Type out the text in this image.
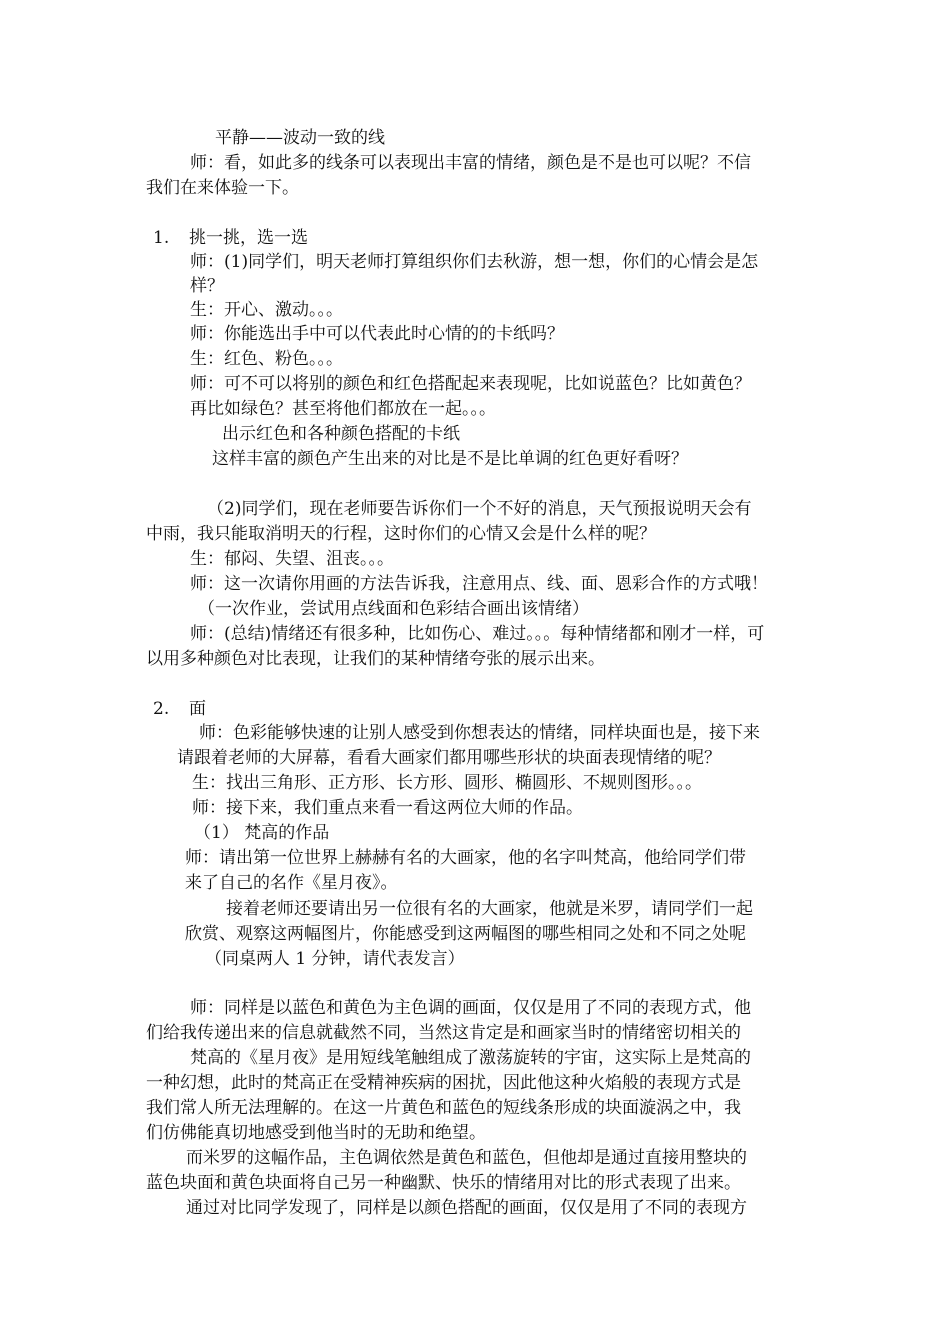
平静——波动一致的线

师：看，如此多的线条可以表现出丰富的情绪，颜色是不是也可以呢？不信

我们在来体验一下。

1. 挑一挑，选一选

师：(1)同学们，明天老师打算组织你们去秋游，想一想，你们的心情会是怎

样？

生：开心、激动。。。

师：你能选出手中可以代表此时心情的的卡纸吗？

生：红色、粉色。。。

师：可不可以将别的颜色和红色搭配起来表现呢，比如说蓝色？比如黄色？

再比如绿色？甚至将他们都放在一起。。。

出示红色和各种颜色搭配的卡纸

这样丰富的颜色产生出来的对比是不是比单调的红色更好看呀？

（2)同学们，现在老师要告诉你们一个不好的消息，天气预报说明天会有

中雨，我只能取消明天的行程，这时你们的心情又会是什么样的呢？

生：郁闷、失望、沮丧。。。

师：这一次请你用画的方法告诉我，注意用点、线、面、恩彩合作的方式哦！

（一次作业，尝试用点线面和色彩结合画出该情绪）

师：(总结)情绪还有很多种，比如伤心、难过。。。每种情绪都和刚才一样，可

以用多种颜色对比表现，让我们的某种情绪夸张的展示出来。

2. 面

师：色彩能够快速的让别人感受到你想表达的情绪，同样块面也是，接下来

请跟着老师的大屏幕，看看大画家们都用哪些形状的块面表现情绪的呢？

生：找出三角形、正方形、长方形、圆形、椭圆形、不规则图形。。。

师：接下来，我们重点来看一看这两位大师的作品。

（1） 梵高的作品

师：请出第一位世界上赫赫有名的大画家，他的名字叫梵高，他给同学们带

来了自己的名作《星月夜》。

接着老师还要请出另一位很有名的大画家，他就是米罗，请同学们一起

欣赏、观察这两幅图片，你能感受到这两幅图的哪些相同之处和不同之处呢

（同桌两人 1 分钟，请代表发言）

师：同样是以蓝色和黄色为主色调的画面，仅仅是用了不同的表现方式，他

们给我传递出来的信息就截然不同，当然这肯定是和画家当时的情绪密切相关的

梵高的《星月夜》是用短线笔触组成了激荡旋转的宇宙，这实际上是梵高的

一种幻想，此时的梵高正在受精神疾病的困扰，因此他这种火焰般的表现方式是

我们常人所无法理解的。在这一片黄色和蓝色的短线条形成的块面漩涡之中，我

们仿佛能真切地感受到他当时的无助和绝望。

而米罗的这幅作品，主色调依然是黄色和蓝色，但他却是通过直接用整块的

蓝色块面和黄色块面将自己另一种幽默、快乐的情绪用对比的形式表现了出来。

通过对比同学发现了，同样是以颜色搭配的画面，仅仅是用了不同的表现方
